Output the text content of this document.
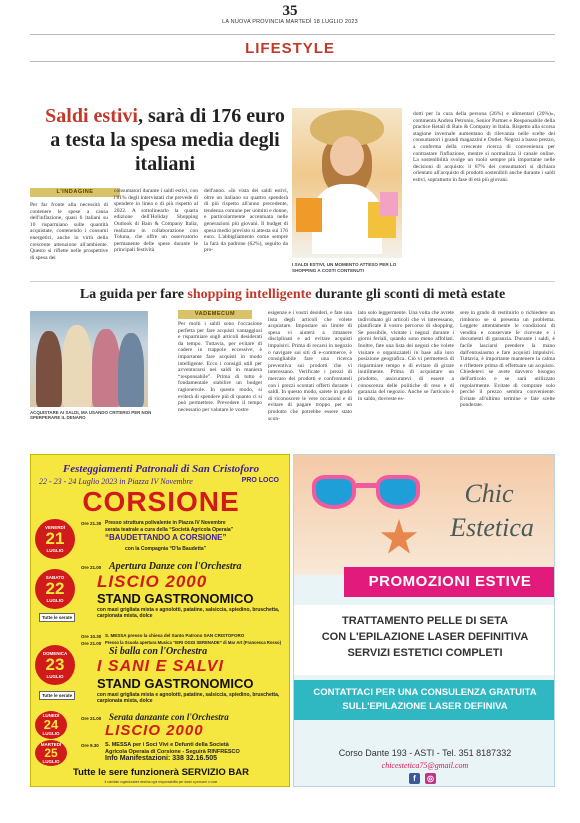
35
LA NUOVA PROVINCIA MARTEDÌ 18 LUGLIO 2023
LIFESTYLE
Saldi estivi, sarà di 176 euro a testa la spesa media degli italiani
L'INDAGINE
Per far fronte alla necessità di contenere le spese a causa dell'inflazione, quasi 6 italiani su 10 risparmiano sulle quantità acquistate, contenendo i consumi energetici, anche in virtù della crescente attenzione all'ambiente. Questo si riflette nelle prospettive di spesa dei
consumatori durante i saldi estivi, con l'81% degli intervistati che prevede di spendere in linea o di più rispetto al 2022. A sottolinearlo la quarta edizione dell'Holiday Shopping Outlook di Bain & Company Italia, realizzato in collaborazione con Toluna, che offre un osservatorio permanente delle spese durante le principali festività
dell'anno. «In vista dei saldi estivi, oltre un italiano su quattro spenderà di più rispetto all'anno precedente, tendenza comune per uomini e donne, e particolarmente accentuata nelle generazioni più giovani. Il budget di spesa medio previsto si attesta sui 176 euro. L'abbigliamento come sempre la farà da padrone (62%), seguito da pro-
dotti per la cura della persona (26%) e alimentari (20%)», commenta Andrea Petronio, Senior Partner e Responsabile della practice Retail di Bain & Company in Italia. Rispetto alla scorsa stagione invernale aumentano di rilevanza nelle scelte dei consumatori i grandi magazzini e Outlet. Negozi a basso prezzo, a conferma della crescente ricerca di convenienza per contrastare l'inflazione, mentre si normalizza il canale online. La sostenibilità svolge un ruolo sempre più importante nelle decisioni di acquisto: il 87% dei consumatori si dichiara orientato all'acquisto di prodotti sostenibili anche durante i saldi estivi, soprattutto in fase di età più giovani.
I SALDI ESTIVI, UN MOMENTO ATTESO PER LO SHOPPING A COSTI CONTENUTI
La guida per fare shopping intelligente durante gli sconti di metà estate
ACQUISTARE AI SALDI, MA USANDO CRITERIO PER NON SPERPERARE IL DENARO
VADEMECUM
Per molti i saldi sono l'occasione perfetta per fare acquisti vantaggiosi e risparmiare sugli articoli desiderati da tempo. Tuttavia, per evitare di cadere in trappole eccessive, è importante fare acquisti in modo intelligente. Ecco i consigli utili per avventurarsi nei saldi in maniera “responsabile”. Prima di tutto è fondamentale stabilire un budget ragionevole. In questo modo, si eviterà di spendere più di quanto ci si può permettere. Prevedere il tempo necessario per valutare le vostre
esigenze e i vostri desideri, e fate una lista degli articoli che volete acquistare. Impostare un limite di spesa vi aiuterà a rimanere disciplinati e ad evitare acquisti impulsivi. Prima di recarsi in negozio o navigare sui siti di e-commerce, è consigliabile fare una ricerca preventiva sui prodotti che vi interessano. Verificate i prezzi di mercato dei prodotti e confrontateli con i prezzi scontati offerti durante i saldi. In questo modo, sarete in grado di riconoscere le vere occasioni e di evitare di pagare troppo per un prodotto che potrebbe essere stato scon-
tato solo leggermente. Una volta che avrete individuato gli articoli che vi interessano, pianificate il vostro percorso di shopping. Se possibile, visitate i negozi durante i giorni feriali, quando sono meno affollati. Inoltre, fate una lista dei negozi che volete visitare e organizzateli in base alla loro posizione geografica. Ciò vi permetterà di risparmiare tempo e di evitare di girare inutilmente. Prima di acquistare un prodotto, assicuratevi di essere a conoscenza delle politiche di reso e di garanzia del negozio. Anche se l'articolo è in saldo, dovreste es-
sere in grado di restituirlo o richiedere un rimborso se si presenta un problema. Leggete attentamente le condizioni di vendita e conservate le ricevute e i documenti di garanzia. Durante i saldi, è facile lasciarsi prendere la mano dall'entusiasmo e fare acquisti impulsivi. Tuttavia, è importante mantenere la calma e riflettere prima di effettuare un acquisto. Chiedetevi se avete davvero bisogno dell'articolo e se sarà utilizzato regolarmente. Evitate di comprare solo perché il prezzo sembra conveniente. Evitate all'ultimo termine e fate scelte ponderate.
Festeggiamenti Patronali di San Cristoforo
22 - 23 - 24 Luglio 2023 in Piazza IV Novembre	PRO LOCO
CORSIONE
VENERDÌ
21
LUGLIO
Ore 21.30 Presso struttura polivalente in Piazza IV Novembre
serata teatrale a cura della “Società Agricola Operaia”
“BAUDETTANDO A CORSIONE”
con la Compagnia “D'la Baudetta”
SABATO
22
LUGLIO
Ore 21.00 Apertura Danze con l'Orchestra
LISCIO 2000
STAND GASTRONOMICO
con maxi grigliata mista e agnolotti, patatine, salsiccia, spiedino, bruschetta, carpionata mista, dolce
Tutte le serate
DOMENICA
23
LUGLIO
Ore 10.30 S. MESSA presso la chiesa del Santo Patrono SAN CRISTOFORO
Ore 21.00 Presso la Scuola apertura Musica “IERI OGGI SERENADE” di Mar Art (Francesca Rosso)
Si balla con l'Orchestra
I SANI E SALVI
STAND GASTRONOMICO
con maxi grigliata mista e agnolotti, patatine, salsiccia, spiedino, bruschetta, carpionata mista, dolce
Tutte le serate
LUNEDÌ
24
LUGLIO
Ore 21.00 Serata danzante con l'Orchestra
LISCIO 2000
MARTEDÌ
25
LUGLIO
Ore 9.30 S. MESSA per i Soci Vivi e Defunti della Società
Agricola Operaia di Corsione - Seguirà RINFRESCO
Info Manifestazioni: 338 32.16.505
Tutte le sere funzionerà SERVIZIO BAR
Il comitato organizzatore declina ogni responsabilità per danni a persone o cose
Chic
Estetica
PROMOZIONI ESTIVE
TRATTAMENTO PELLE DI SETA
CON L'EPILAZIONE LASER DEFINITIVA
SERVIZI ESTETICI COMPLETI
CONTATTACI PER UNA CONSULENZA GRATUITA
SULL'EPILAZIONE LASER DEFINIVA
Corso Dante 193 - ASTI - Tel. 351 8187332
chicestetica75@gmail.com
f	◎
